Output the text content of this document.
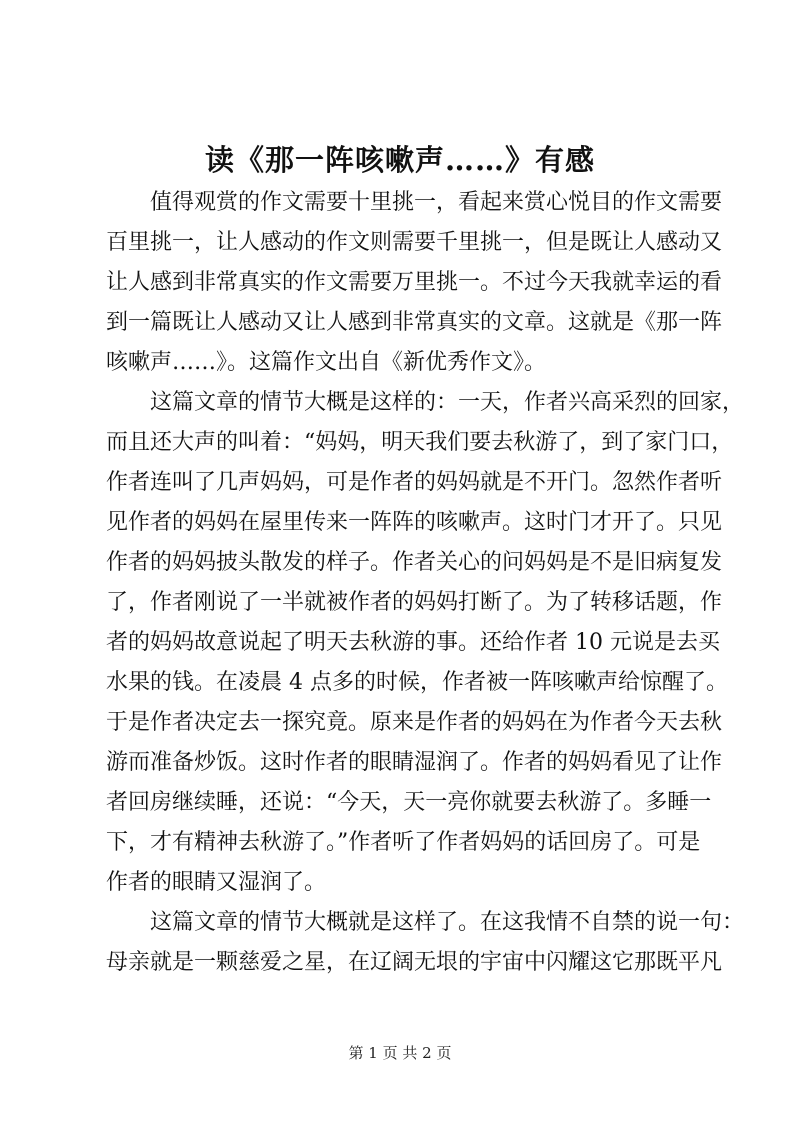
读《那一阵咳嗽声……》有感
值得观赏的作文需要十里挑一，看起来赏心悦目的作文需要
百里挑一，让人感动的作文则需要千里挑一，但是既让人感动又
让人感到非常真实的作文需要万里挑一。不过今天我就幸运的看
到一篇既让人感动又让人感到非常真实的文章。这就是《那一阵
咳嗽声……》。这篇作文出自《新优秀作文》。
这篇文章的情节大概是这样的：一天，作者兴高采烈的回家，
而且还大声的叫着：“妈妈，明天我们要去秋游了，到了家门口，
作者连叫了几声妈妈，可是作者的妈妈就是不开门。忽然作者听
见作者的妈妈在屋里传来一阵阵的咳嗽声。这时门才开了。只见
作者的妈妈披头散发的样子。作者关心的问妈妈是不是旧病复发
了，作者刚说了一半就被作者的妈妈打断了。为了转移话题，作
者的妈妈故意说起了明天去秋游的事。还给作者 10 元说是去买
水果的钱。在凌晨 4 点多的时候，作者被一阵咳嗽声给惊醒了。
于是作者决定去一探究竟。原来是作者的妈妈在为作者今天去秋
游而准备炒饭。这时作者的眼睛湿润了。作者的妈妈看见了让作
者回房继续睡，还说：“今天，天一亮你就要去秋游了。多睡一
下，才有精神去秋游了。”作者听了作者妈妈的话回房了。可是
作者的眼睛又湿润了。
这篇文章的情节大概就是这样了。在这我情不自禁的说一句：
母亲就是一颗慈爱之星，在辽阔无垠的宇宙中闪耀这它那既平凡
第 1 页 共 2 页
